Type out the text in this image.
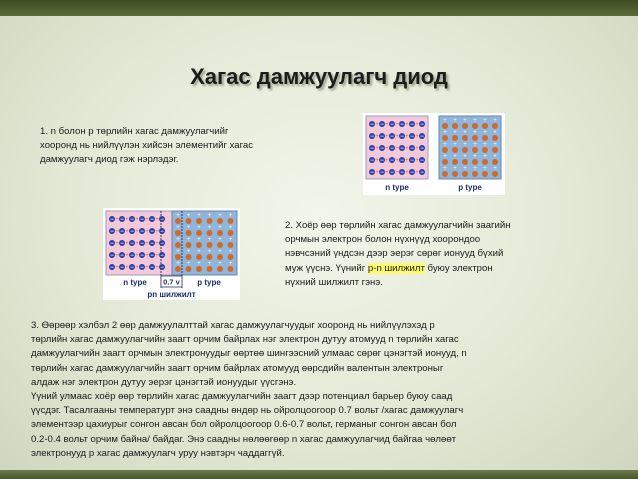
Хагас дамжуулагч диод
1. n болон p төрлийн хагас дамжуулагчийг
хооронд нь нийлүүлэн хийсэн элементийг хагас
дамжуулагч диод гэж нэрлэдэг.
− + − + − + − + − + −
− + − + − + − + − + −
− + − + − + − + − + −
− + − + − + − + − + −
− + − + − + − + − + −
+ + + + + +
+ + + + + +
+ + + + + +
+ + + + + +
+ + + + + +
n type	p type
− + − + − + − + − + −
− + − + − + − + − + −
− + − + − + − + − + −
− + − + − + − + − + −
− + − + − + − + − + −
+ + + + + +
+ + + + + +
+ + + + + +
+ + + + + +
+ + + + + +
n type	p type
0.7 v
pn шилжилт
2. Хоёр өөр төрлийн хагас дамжуулагчийн заагийн
орчмын электрон болон нүхнүүд хоорондоо
нэвчсэний үндсэн дээр эерэг сөрөг ионууд бүхий
муж үүснэ. Үүнийг p-n шилжилт буюу электрон
нүхний шилжилт гэнэ.
3. Өөрөөр хэлбэл 2 өөр дамжуулалттай хагас дамжуулагчуудыг хооронд нь нийлүүлэхэд p
төрлийн хагас дамжуулагчийн заагт орчим байрлах нэг электрон дутуу атомууд n төрлийн хагас
дамжуулагчийн заагт орчмын электронуудыг өөртөө шингээсний улмаас сөрөг цэнэгтэй ионууд, n
төрлийн хагас дамжуулагчийн заагт орчим байрлах атомууд өөрсдийн валентын электроныг
алдаж нэг электрон дутуу эерэг цэнэгтэй ионуудыг үүсгэнэ.
Үүний улмаас хоёр өөр төрлийн хагас дамжуулагчийн заагт дээр потенциал барьер буюу саад
үүсдэг. Тасалгааны температурт энэ саадны өндөр нь ойролцоогоор 0.7 вольт /хагас дамжуулагч
элементээр цахиурыг сонгон авсан бол ойролцоогоор 0.6-0.7 вольт, германыг сонгон авсан бол
0.2-0.4 вольт орчим байна/ байдаг. Энэ саадны нөлөөгөөр n хагас дамжуулагчид байгаа чөлөөт
электронууд p хагас дамжуулагч уруу нэвтэрч чаддаггүй.
